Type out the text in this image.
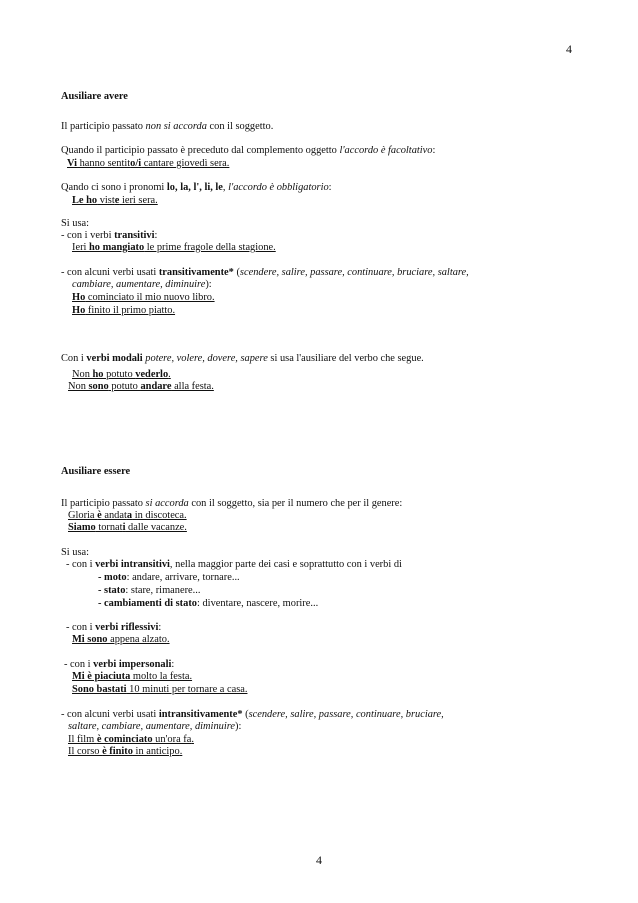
4
Ausiliare avere
Il participio passato non si accorda con il soggetto.
Quando il participio passato è preceduto dal complemento oggetto l'accordo è facoltativo:
Vi hanno sentito/i cantare giovedì sera.
Qando ci sono i pronomi lo, la, l', li, le, l'accordo è obbligatorio:
Le ho viste ieri sera.
Si usa:
- con i verbi transitivi:
Ieri ho mangiato le prime fragole della stagione.
- con alcuni verbi usati transitivamente* (scendere, salire, passare, continuare, bruciare, saltare,
cambiare, aumentare, diminuire):
Ho cominciato il mio nuovo libro.
Ho finito il primo piatto.
Con i verbi modali potere, volere, dovere, sapere si usa l'ausiliare del verbo che segue.
Non ho potuto vederlo.
Non sono potuto andare alla festa.
Ausiliare essere
Il participio passato si accorda con il soggetto, sia per il numero che per il genere:
Gloria è andata in discoteca.
Siamo tornati dalle vacanze.
Si usa:
- con i verbi intransitivi, nella maggior parte dei casi e soprattutto con i verbi di
- moto: andare, arrivare, tornare...
- stato: stare, rimanere...
- cambiamenti di stato: diventare, nascere, morire...
- con i verbi riflessivi:
Mi sono appena alzato.
- con i verbi impersonali:
Mi è piaciuta molto la festa.
Sono bastati 10 minuti per tornare a casa.
- con alcuni verbi usati intransitivamente* (scendere, salire, passare, continuare, bruciare,
saltare, cambiare, aumentare, diminuire):
Il film è cominciato un'ora fa.
Il corso è finito in anticipo.
4
